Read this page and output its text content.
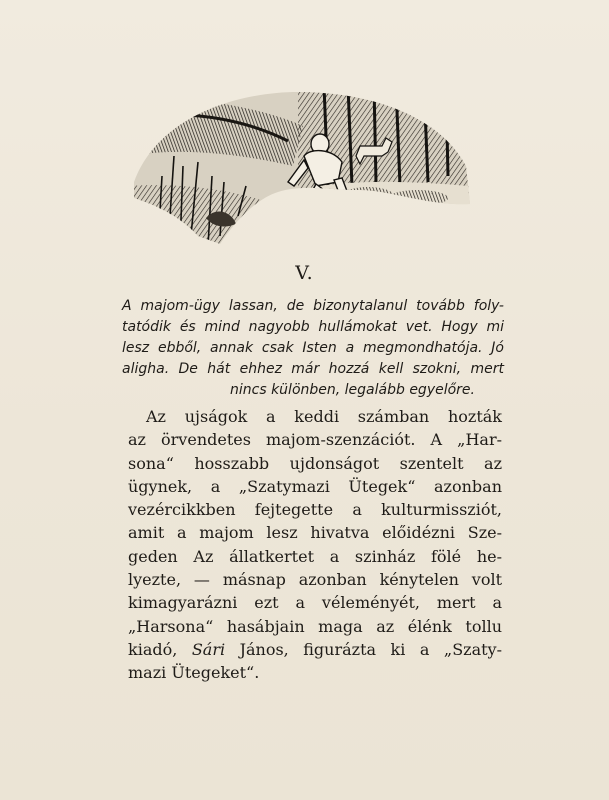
V.
A majom-ügy lassan, de bizonytalanul tovább foly-
tatódik és mind nagyobb hullámokat vet. Hogy mi
lesz ebből, annak csak Isten a megmondhatója. Jó
aligha. De hát ehhez már hozzá kell szokni, mert
nincs különben, legalább egyelőre.
Az ujságok a keddi számban hozták
az örvendetes majom-szenzációt. A „Har-
sona“ hosszabb ujdonságot szentelt az
ügynek, a „Szatymazi Ütegek“ azonban
vezércikkben fejtegette a kulturmissziót,
amit a majom lesz hivatva előidézni Sze-
geden Az állatkertet a szinház fölé he-
lyezte, — másnap azonban kénytelen volt
kimagyarázni ezt a véleményét, mert a
„Harsona“ hasábjain maga az élénk tollu
kiadó, Sári János, figurázta ki a „Szaty-
mazi Ütegeket“.
